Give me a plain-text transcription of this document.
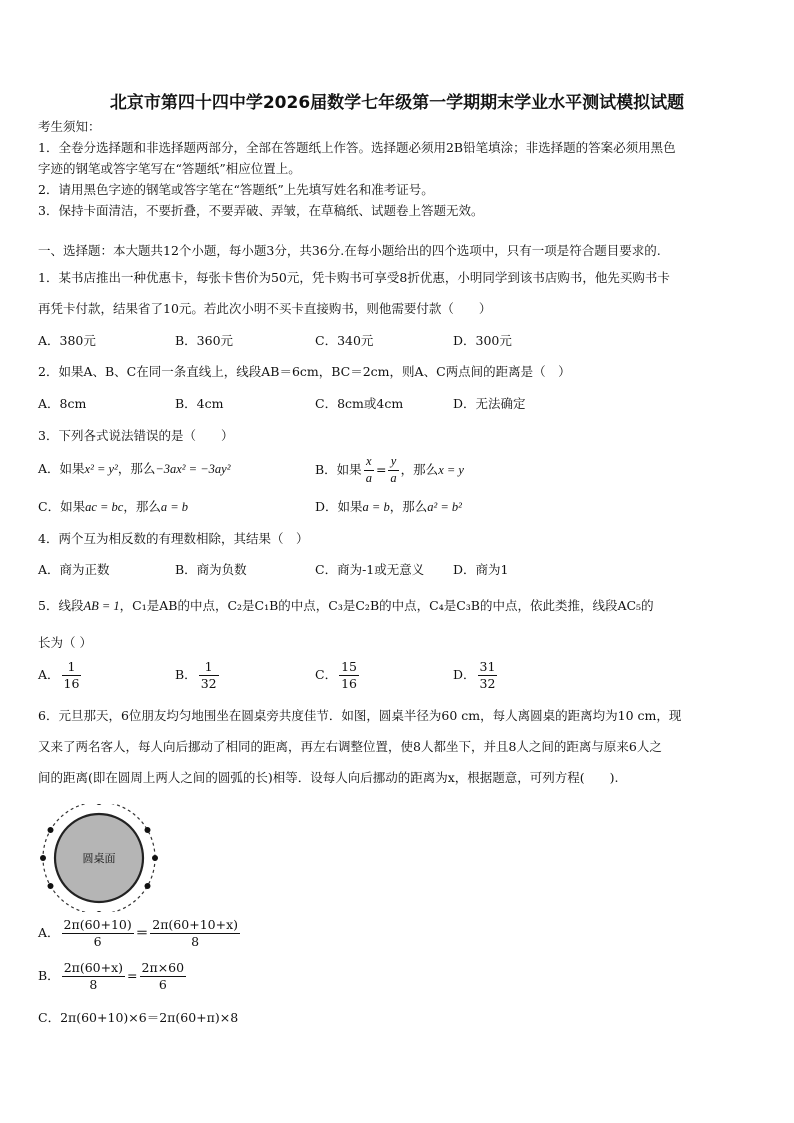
北京市第四十四中学2026届数学七年级第一学期期末学业水平测试模拟试题
考生须知：
1．全卷分选择题和非选择题两部分，全部在答题纸上作答。选择题必须用2B铅笔填涂；非选择题的答案必须用黑色
字迹的钢笔或答字笔写在“答题纸”相应位置上。
2．请用黑色字迹的钢笔或答字笔在“答题纸”上先填写姓名和准考证号。
3．保持卡面清洁，不要折叠，不要弄破、弄皱，在草稿纸、试题卷上答题无效。
一、选择题：本大题共12个小题，每小题3分，共36分.在每小题给出的四个选项中，只有一项是符合题目要求的.
1．某书店推出一种优惠卡，每张卡售价为50元，凭卡购书可享受8折优惠，小明同学到该书店购书，他先买购书卡
再凭卡付款，结果省了10元。若此次小明不买卡直接购书，则他需要付款（　　）
A．380元	B．360元	C．340元	D．300元
2．如果A、B、C在同一条直线上，线段AB＝6cm，BC＝2cm，则A、C两点间的距离是（　）
A．8cm	B．4cm	C．8cm或4cm	D．无法确定
3．下列各式说法错误的是（　　）
A．如果x² = y²，那么−3ax² = −3ay²	B．如果 $\frac{x}{a} = \frac{y}{a}$ ，那么x = y
C．如果ac = bc，那么a = b	D．如果a = b，那么a² = b²
4．两个互为相反数的有理数相除，其结果（　）
A．商为正数	B．商为负数	C．商为-1或无意义 D．商为1
5．线段AB = 1，C₁是AB的中点，C₂是C₁B的中点，C₃是C₂B的中点，C₄是C₃B的中点，依此类推，线段AC₅的
长为（ ）
A． $\frac{1}{16}$	B． $\frac{1}{32}$	C． $\frac{15}{16}$	D． $\frac{31}{32}$
6．元旦那天，6位朋友均匀地围坐在圆桌旁共度佳节．如图，圆桌半径为60 cm，每人离圆桌的距离均为10 cm，现
又来了两名客人，每人向后挪动了相同的距离，再左右调整位置，使8人都坐下，并且8人之间的距离与原来6人之
间的距离(即在圆周上两人之间的圆弧的长)相等．设每人向后挪动的距离为x，根据题意，可列方程(　　).
圆桌面
A． $\frac{2\pi(60+10)}{6} = \frac{2\pi(60+10+x)}{8}$
B． $\frac{2\pi(60+x)}{8} = \frac{2\pi\times 60}{6}$
C．2π(60+10)×6＝2π(60+π)×8
